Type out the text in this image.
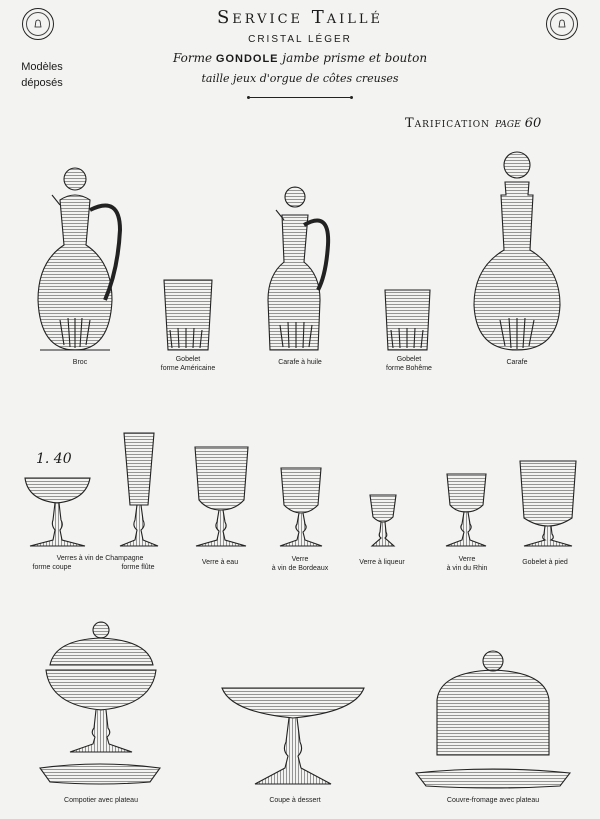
Service Taillé
CRISTAL LÉGER
Forme GONDOLE jambe prisme et bouton
taille jeux d'orgue de côtes creuses
Modèles
déposés
Tarification page 60
1. 40
Broc	Gobelet
forme Américaine
Carafe à huile	Gobelet
forme Bohême
Carafe
Verres à vin de Champagne
forme coupe	forme flûte
Verre à eau	Verre
à vin de Bordeaux
Verre à liqueur	Verre
à vin du Rhin
Gobelet à pied
Compotier avec plateau	Coupe à dessert	Couvre-fromage avec plateau
